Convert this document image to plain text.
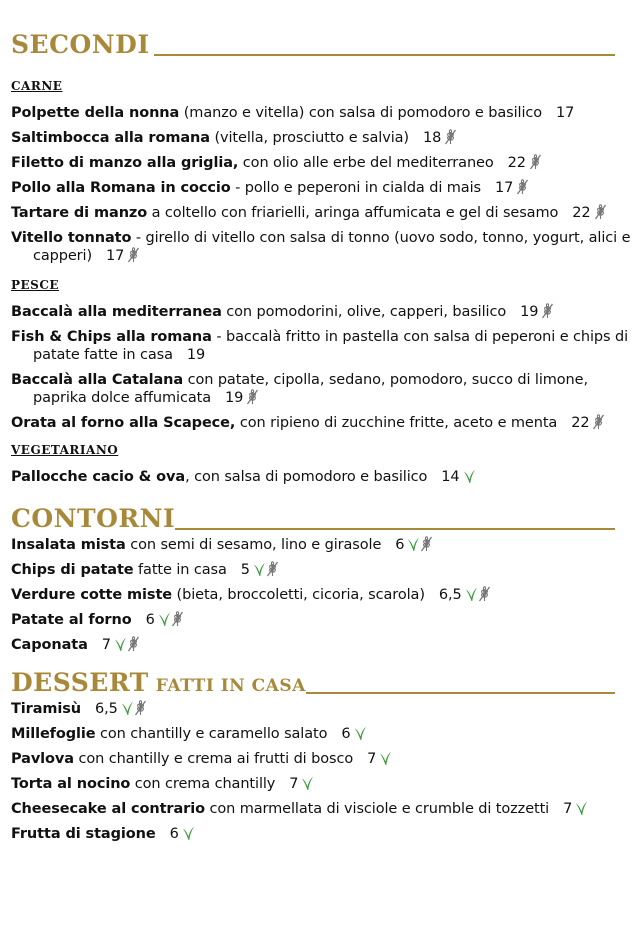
SECONDI
CARNE

Polpette della nonna (manzo e vitella) con salsa di pomodoro e basilico 17

Saltimbocca alla romana (vitella, prosciutto e salvia) 18

Filetto di manzo alla griglia, con olio alle erbe del mediterraneo 22

Pollo alla Romana in coccio - pollo e peperoni in cialda di mais 17

Tartare di manzo a coltello con friarielli, aringa affumicata e gel di sesamo 22

Vitello tonnato - girello di vitello con salsa di tonno (uovo sodo, tonno, yogurt, alici e capperi) 17

PESCE

Baccalà alla mediterranea con pomodorini, olive, capperi, basilico 19

Fish & Chips alla romana - baccalà fritto in pastella con salsa di peperoni e chips di patate fatte in casa 19

Baccalà alla Catalana con patate, cipolla, sedano, pomodoro, succo di limone, paprika dolce affumicata 19

Orata al forno alla Scapece, con ripieno di zucchine fritte, aceto e menta 22

VEGETARIANO

Pallocche cacio & ova, con salsa di pomodoro e basilico 14

CONTORNI

Insalata mista con semi di sesamo, lino e girasole 6

Chips di patate fatte in casa 5

Verdure cotte miste (bieta, broccoletti, cicoria, scarola) 6,5

Patate al forno 6

Caponata 7

DESSERT FATTI IN CASA

Tiramisù 6,5

Millefoglie con chantilly e caramello salato 6

Pavlova con chantilly e crema ai frutti di bosco 7

Torta al nocino con crema chantilly 7

Cheesecake al contrario con marmellata di visciole e crumble di tozzetti 7

Frutta di stagione 6
